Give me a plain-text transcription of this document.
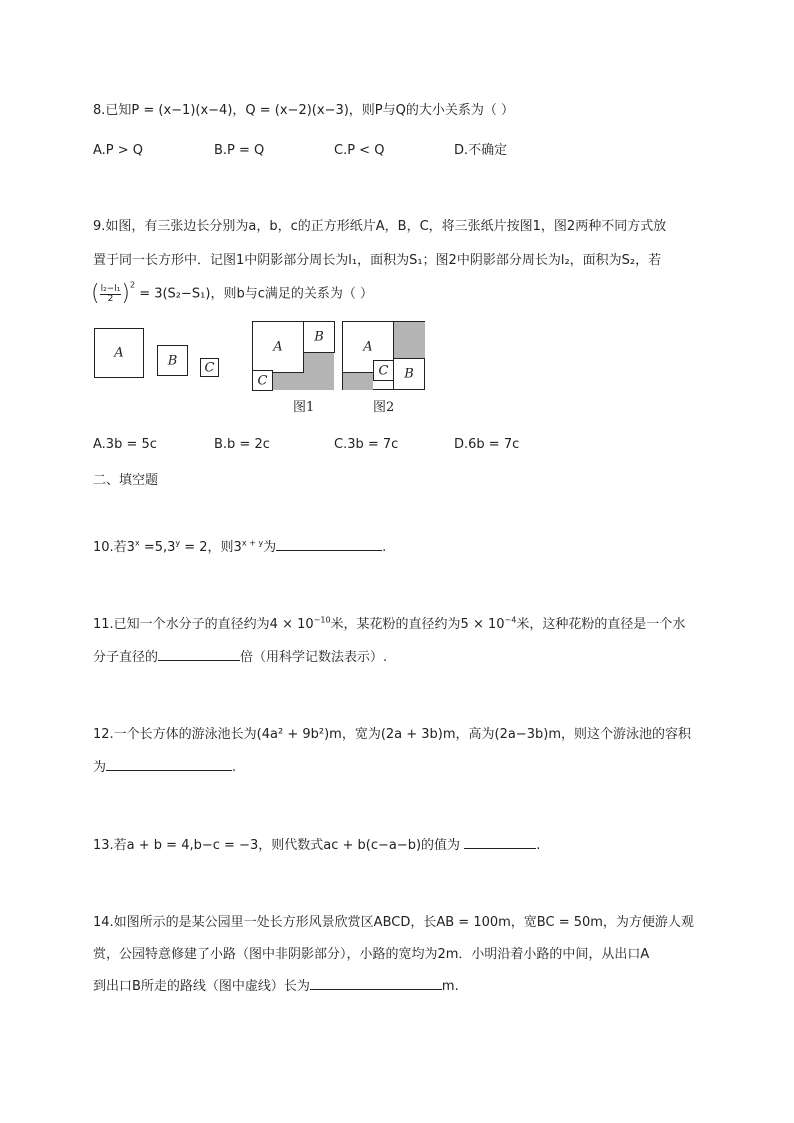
8.已知P = (x−1)(x−4)，Q = (x−2)(x−3)，则P与Q的大小关系为（ ）
A.P > Q	B.P = Q	C.P < Q	D.不确定
9.如图，有三张边长分别为a，b，c的正方形纸片A，B，C，将三张纸片按图1，图2两种不同方式放
置于同一长方形中．记图1中阴影部分周长为l₁，面积为S₁；图2中阴影部分周长为l₂，面积为S₂，若
( $\frac{\text{l₂−l₁}}{2} )^2 = 3(S_2-S_1)$，则b与c满足的关系为（ ）
A	B	C
A
B
C
图1
A
B
C
图2
A.3b = 5c	B.b = 2c	C.3b = 7c	D.6b = 7c
二、填空题
10.若$3^x =5,3^y = 2$，则$3^{x + y}$为	.
11.已知一个水分子的直径约为$4 \times 10^{-10}$米，某花粉的直径约为$5 \times 10^{-4}$米，这种花粉的直径是一个水
分子直径的	倍（用科学记数法表示）.
12.一个长方体的游泳池长为(4a² + 9b²)m，宽为(2a + 3b)m，高为(2a−3b)m，则这个游泳池的容积
为	.
13.若a + b = 4,b−c = −3，则代数式ac + b(c−a−b)的值为	.
14.如图所示的是某公园里一处长方形风景欣赏区ABCD，长AB = 100m，宽BC = 50m，为方便游人观
赏，公园特意修建了小路（图中非阴影部分），小路的宽均为2m．小明沿着小路的中间，从出口A
到出口B所走的路线（图中虚线）长为	m.
